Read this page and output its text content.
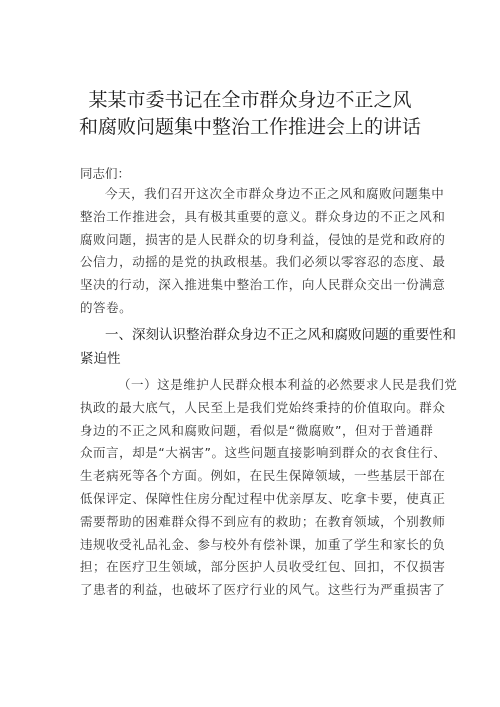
某某市委书记在全市群众身边不正之风
和腐败问题集中整治工作推进会上的讲话
同志们：
今天，我们召开这次全市群众身边不正之风和腐败问题集中
整治工作推进会，具有极其重要的意义。群众身边的不正之风和
腐败问题，损害的是人民群众的切身利益，侵蚀的是党和政府的
公信力，动摇的是党的执政根基。我们必须以零容忍的态度、最
坚决的行动，深入推进集中整治工作，向人民群众交出一份满意
的答卷。
一、深刻认识整治群众身边不正之风和腐败问题的重要性和
紧迫性
（一）这是维护人民群众根本利益的必然要求人民是我们党
执政的最大底气，人民至上是我们党始终秉持的价值取向。群众
身边的不正之风和腐败问题，看似是“微腐败”，但对于普通群
众而言，却是“大祸害”。这些问题直接影响到群众的衣食住行、
生老病死等各个方面。例如，在民生保障领域，一些基层干部在
低保评定、保障性住房分配过程中优亲厚友、吃拿卡要，使真正
需要帮助的困难群众得不到应有的救助；在教育领域，个别教师
违规收受礼品礼金、参与校外有偿补课，加重了学生和家长的负
担；在医疗卫生领域，部分医护人员收受红包、回扣，不仅损害
了患者的利益，也破坏了医疗行业的风气。这些行为严重损害了
